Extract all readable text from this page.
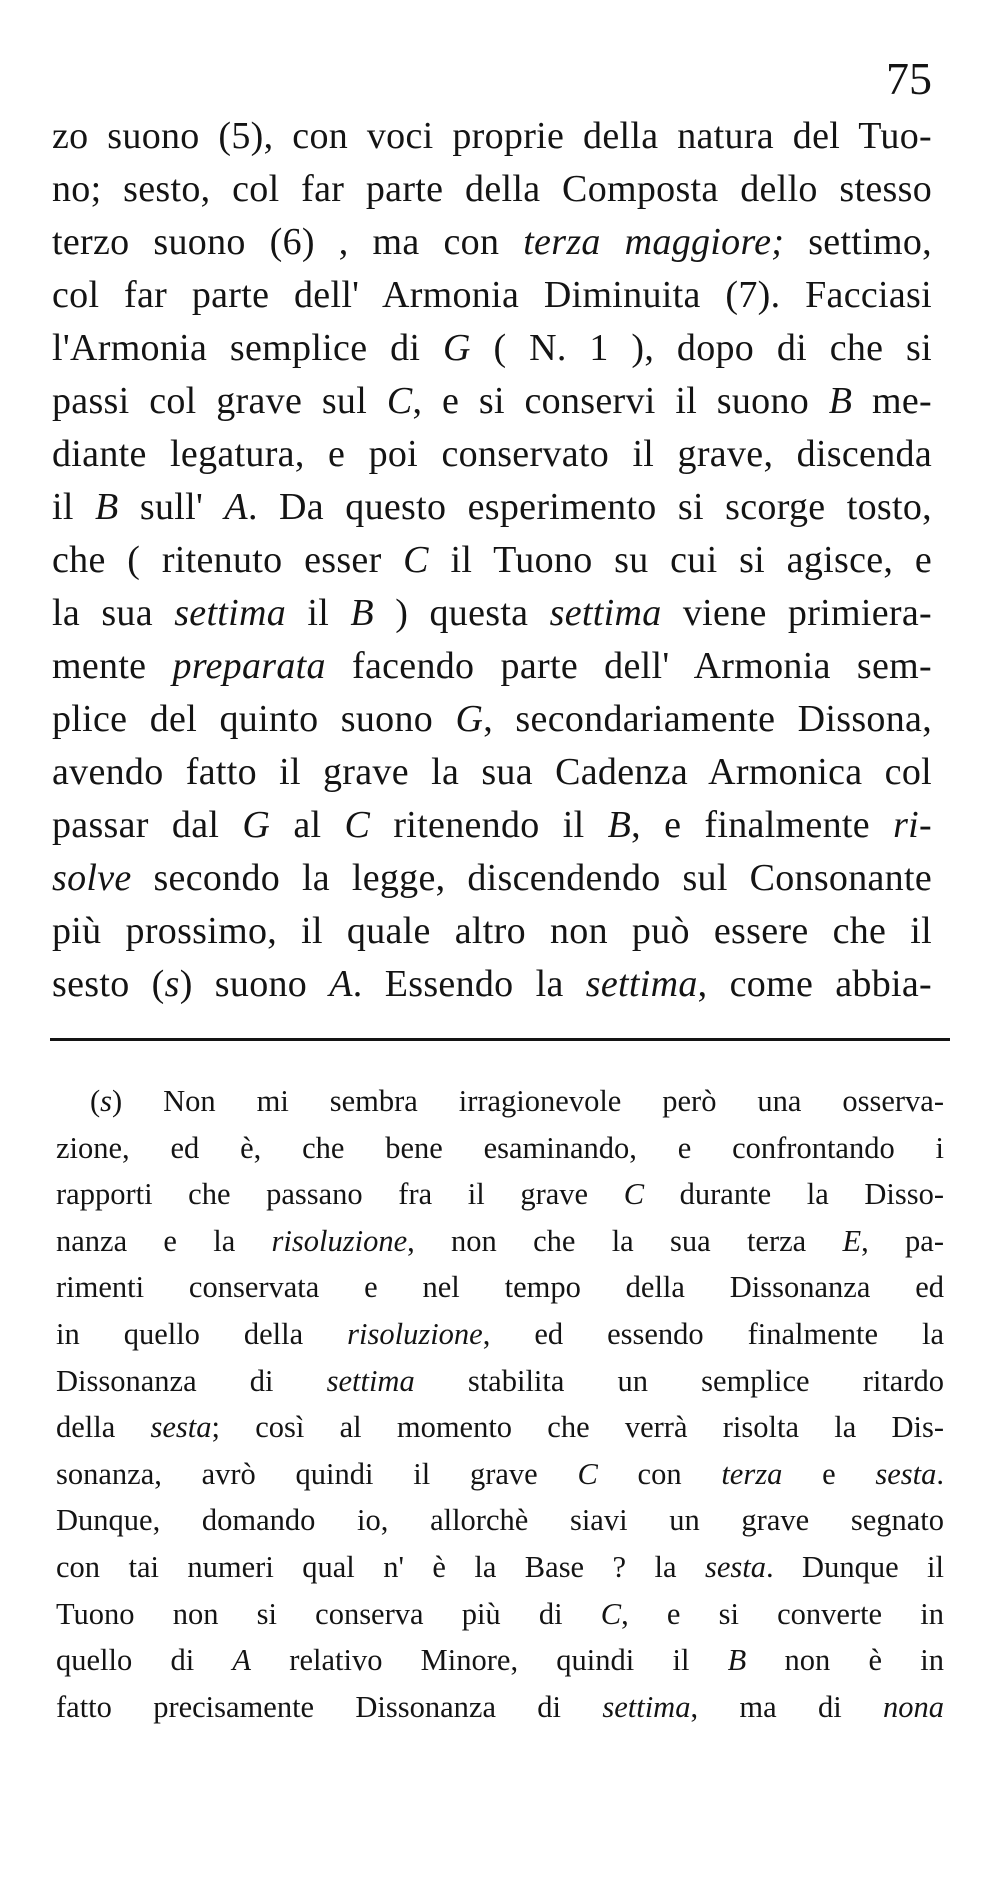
75
zo suono (5), con voci proprie della natura del Tuo-
no; sesto, col far parte della Composta dello stesso
terzo suono (6) , ma con terza maggiore; settimo,
col far parte dell' Armonia Diminuita (7). Facciasi
l'Armonia semplice di G ( N. 1 ), dopo di che si
passi col grave sul C, e si conservi il suono B me-
diante legatura, e poi conservato il grave, discenda
il B sull' A. Da questo esperimento si scorge tosto,
che ( ritenuto esser C il Tuono su cui si agisce, e
la sua settima il B ) questa settima viene primiera-
mente preparata facendo parte dell' Armonia sem-
plice del quinto suono G, secondariamente Dissona,
avendo fatto il grave la sua Cadenza Armonica col
passar dal G al C ritenendo il B, e finalmente ri-
solve secondo la legge, discendendo sul Consonante
più prossimo, il quale altro non può essere che il
sesto (s) suono A. Essendo la settima, come abbia-
(s) Non mi sembra irragionevole però una osserva-
zione, ed è, che bene esaminando, e confrontando i
rapporti che passano fra il grave C durante la Disso-
nanza e la risoluzione, non che la sua terza E, pa-
rimenti conservata e nel tempo della Dissonanza ed
in quello della risoluzione, ed essendo finalmente la
Dissonanza di settima stabilita un semplice ritardo
della sesta; così al momento che verrà risolta la Dis-
sonanza, avrò quindi il grave C con terza e sesta.
Dunque, domando io, allorchè siavi un grave segnato
con tai numeri qual n' è la Base ? la sesta. Dunque il
Tuono non si conserva più di C, e si converte in
quello di A relativo Minore, quindi il B non è in
fatto precisamente Dissonanza di settima, ma di nona
